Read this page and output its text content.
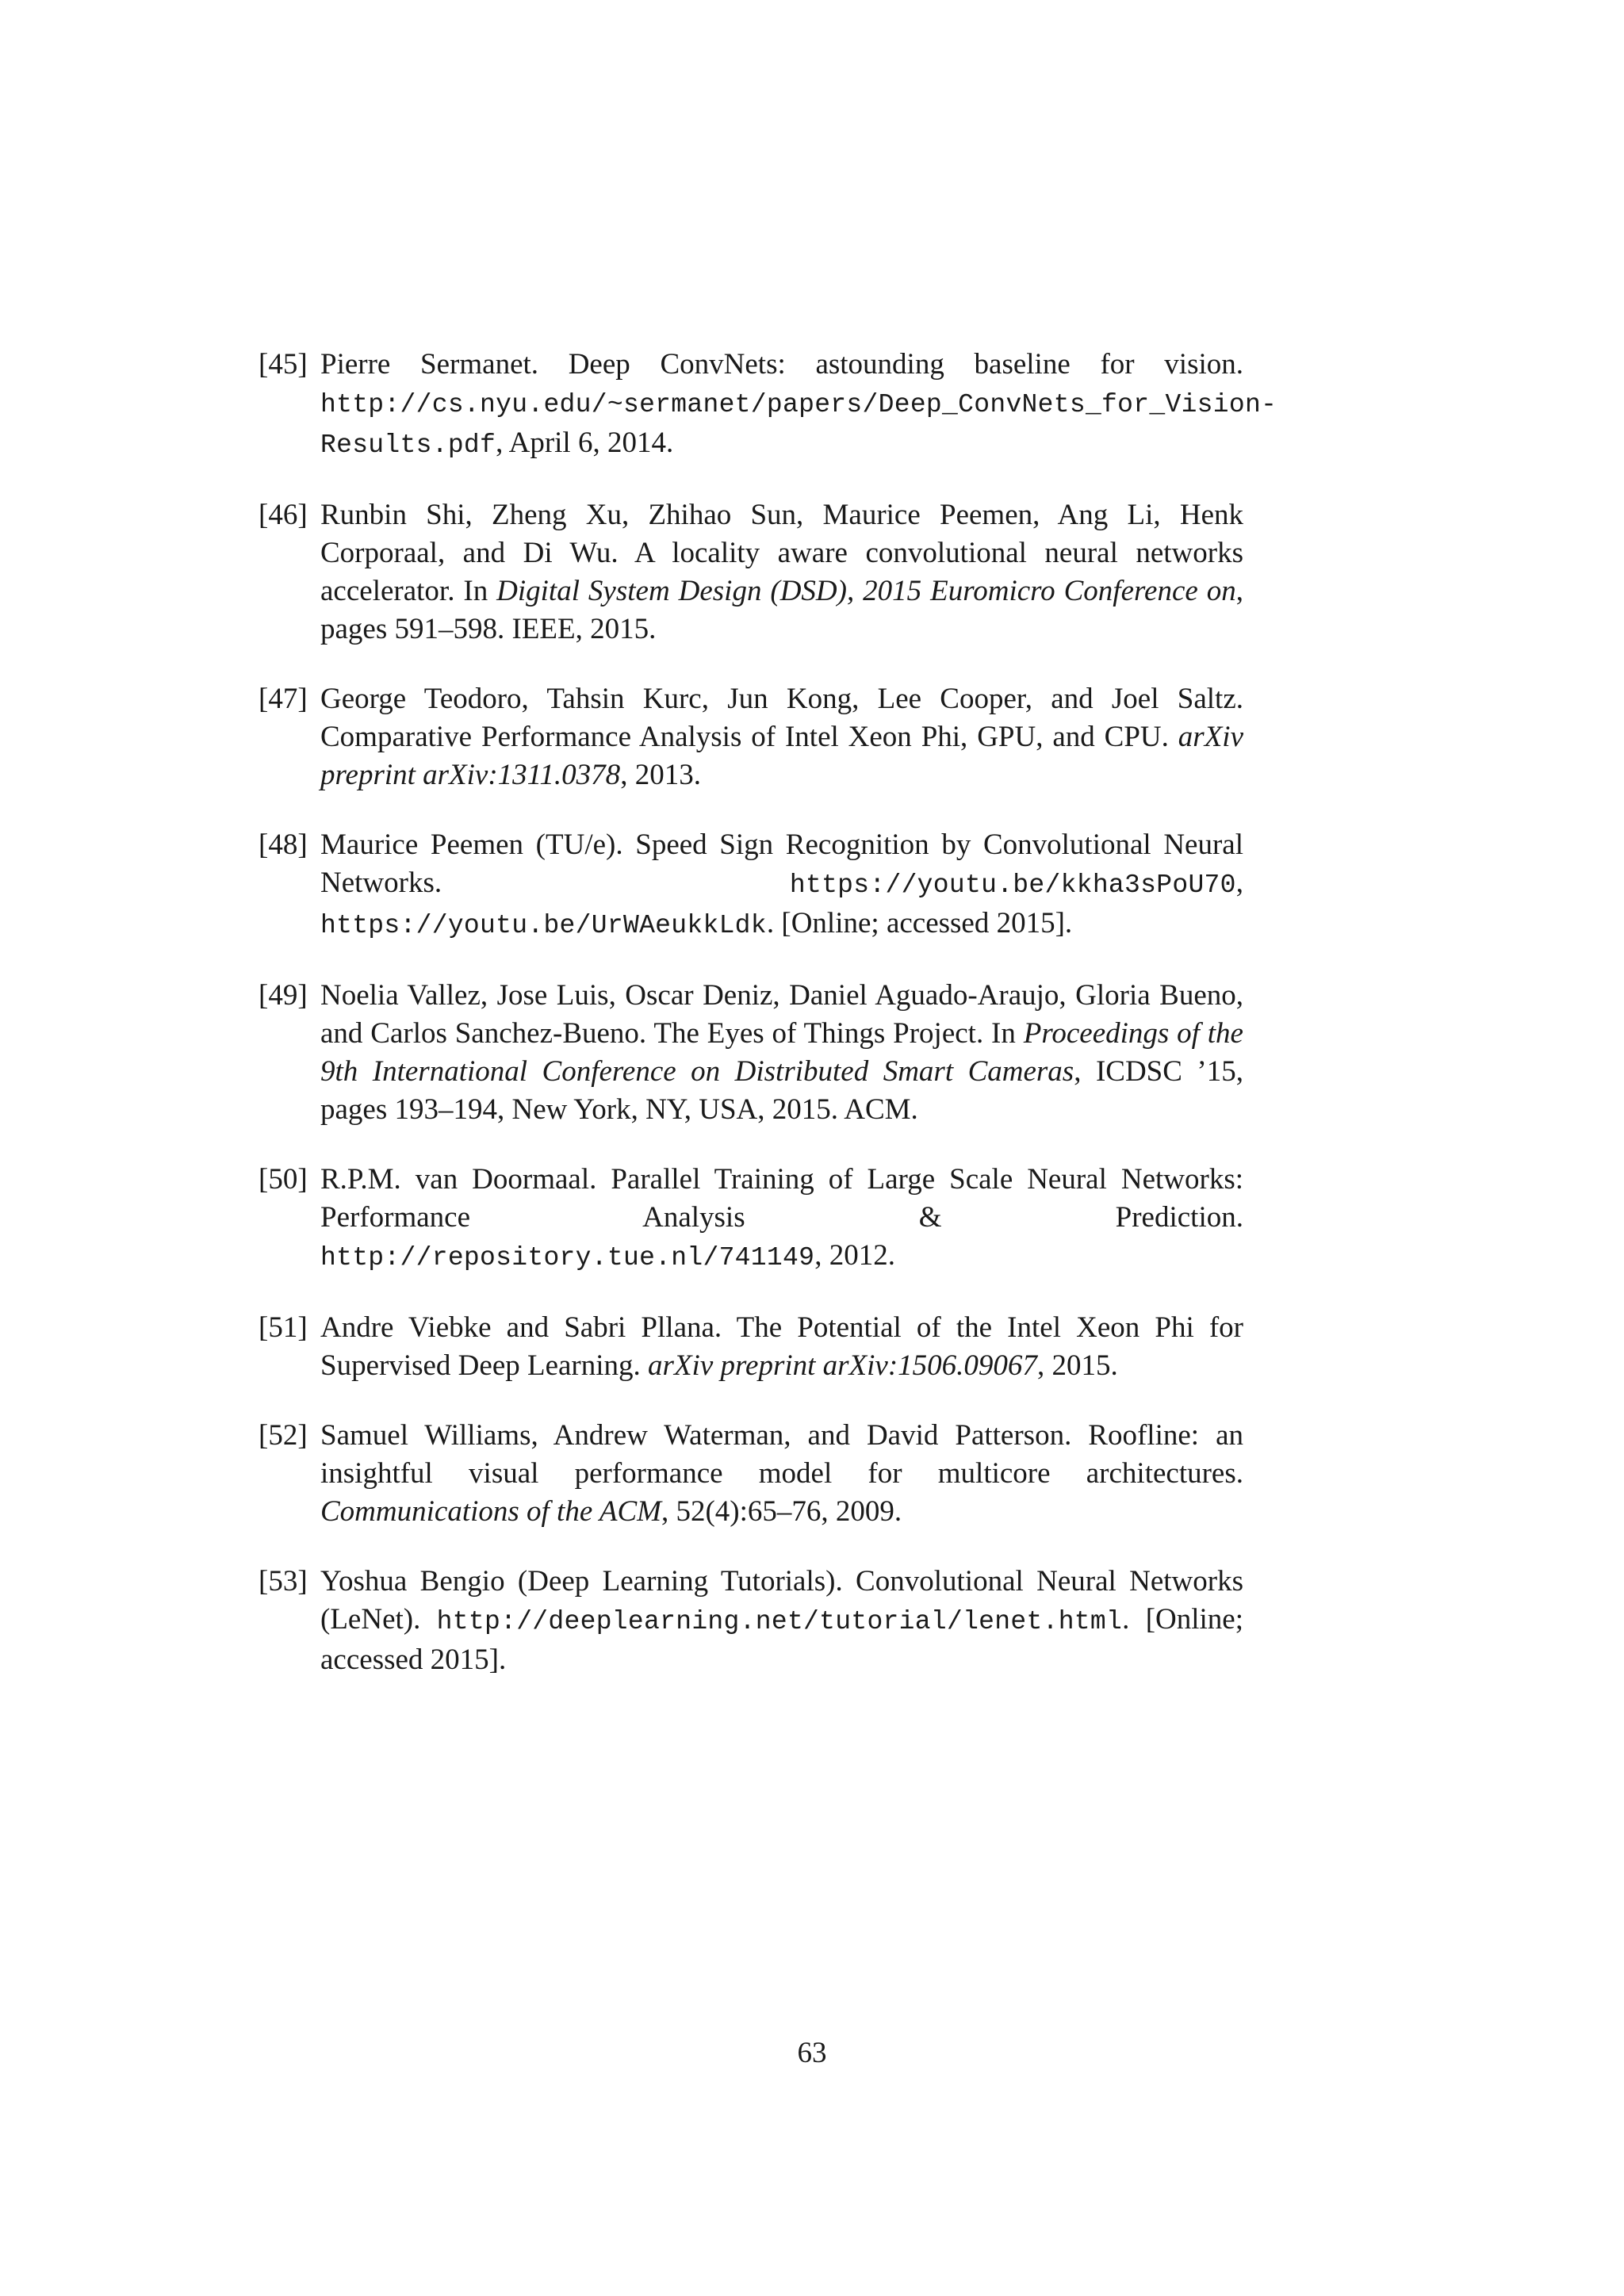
[45] Pierre Sermanet. Deep ConvNets: astounding baseline for vision. http://cs.nyu.edu/~sermanet/papers/Deep_ConvNets_for_Vision-Results.pdf, April 6, 2014.
[46] Runbin Shi, Zheng Xu, Zhihao Sun, Maurice Peemen, Ang Li, Henk Corporaal, and Di Wu. A locality aware convolutional neural networks accelerator. In Digital System Design (DSD), 2015 Euromicro Conference on, pages 591–598. IEEE, 2015.
[47] George Teodoro, Tahsin Kurc, Jun Kong, Lee Cooper, and Joel Saltz. Comparative Performance Analysis of Intel Xeon Phi, GPU, and CPU. arXiv preprint arXiv:1311.0378, 2013.
[48] Maurice Peemen (TU/e). Speed Sign Recognition by Convolutional Neural Networks. https://youtu.be/kkha3sPoU70, https://youtu.be/UrWAeukkLdk. [Online; accessed 2015].
[49] Noelia Vallez, Jose Luis, Oscar Deniz, Daniel Aguado-Araujo, Gloria Bueno, and Carlos Sanchez-Bueno. The Eyes of Things Project. In Proceedings of the 9th International Conference on Distributed Smart Cameras, ICDSC ’15, pages 193–194, New York, NY, USA, 2015. ACM.
[50] R.P.M. van Doormaal. Parallel Training of Large Scale Neural Networks: Performance Analysis & Prediction. http://repository.tue.nl/741149, 2012.
[51] Andre Viebke and Sabri Pllana. The Potential of the Intel Xeon Phi for Supervised Deep Learning. arXiv preprint arXiv:1506.09067, 2015.
[52] Samuel Williams, Andrew Waterman, and David Patterson. Roofline: an insightful visual performance model for multicore architectures. Communications of the ACM, 52(4):65–76, 2009.
[53] Yoshua Bengio (Deep Learning Tutorials). Convolutional Neural Networks (LeNet). http://deeplearning.net/tutorial/lenet.html. [Online; accessed 2015].
63
